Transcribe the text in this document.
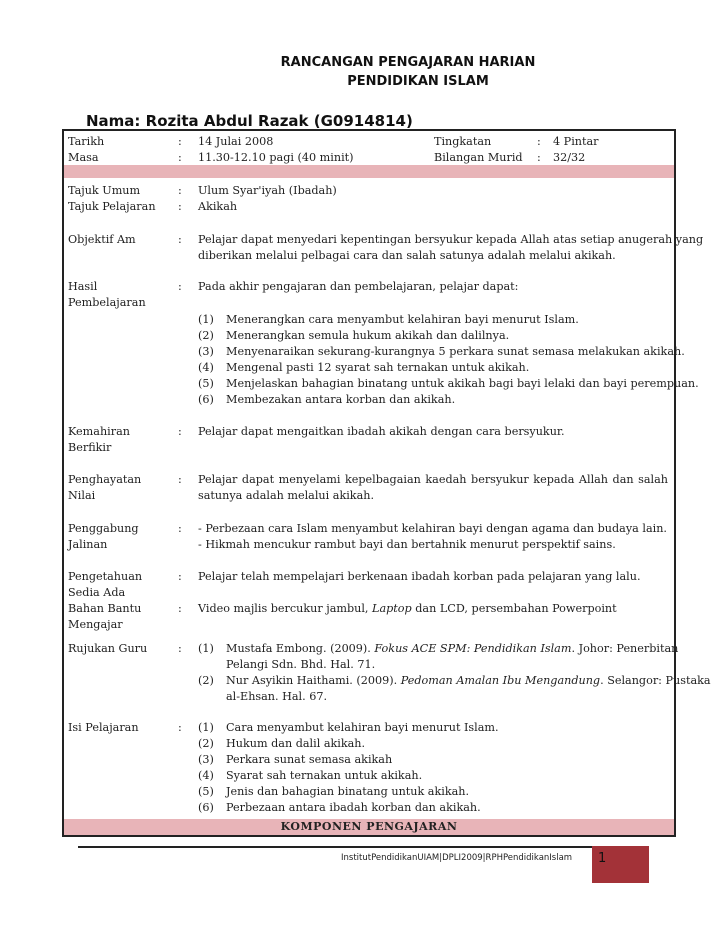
RANCANGAN PENGAJARAN HARIAN
PENDIDIKAN ISLAM
Nama: Rozita Abdul Razak (G0914814)
Tarikh	: 14 Julai 2008	Tingkatan	: 4 Pintar
Masa	: 11.30-12.10 pagi (40 minit)	Bilangan Murid : 32/32
Tajuk Umum	: Ulum Syar'iyah (Ibadah)
Tajuk Pelajaran : Akikah
Objektif Am	: Pelajar dapat menyedari kepentingan bersyukur kepada Allah atas setiap anugerah yang
diberikan melalui pelbagai cara dan salah satunya adalah melalui akikah.
Hasil
Pembelajaran
: Pada akhir pengajaran dan pembelajaran, pelajar dapat:
(1) Menerangkan cara menyambut kelahiran bayi menurut Islam.
(2) Menerangkan semula hukum akikah dan dalilnya.
(3) Menyenaraikan sekurang-kurangnya 5 perkara sunat semasa melakukan akikah.
(4) Mengenal pasti 12 syarat sah ternakan untuk akikah.
(5) Menjelaskan bahagian binatang untuk akikah bagi bayi lelaki dan bayi perempuan.
(6) Membezakan antara korban dan akikah.
Kemahiran
Berfikir
: Pelajar dapat mengaitkan ibadah akikah dengan cara bersyukur.
Penghayatan
Nilai
: Pelajar dapat menyelami kepelbagaian kaedah bersyukur kepada Allah dan salah
satunya adalah melalui akikah.
Penggabung
Jalinan
: - Perbezaan cara Islam menyambut kelahiran bayi dengan agama dan budaya lain.
- Hikmah mencukur rambut bayi dan bertahnik menurut perspektif sains.
Pengetahuan
Sedia Ada
: Pelajar telah mempelajari berkenaan ibadah korban pada pelajaran yang lalu.
Bahan Bantu
Mengajar
: Video majlis bercukur jambul, Laptop dan LCD, persembahan Powerpoint
Rujukan Guru	: (1) Mustafa Embong. (2009). Fokus ACE SPM: Pendidikan Islam. Johor: Penerbitan
Pelangi Sdn. Bhd. Hal. 71.
(2) Nur Asyikin Haithami. (2009). Pedoman Amalan Ibu Mengandung. Selangor: Pustaka
al-Ehsan. Hal. 67.
Isi Pelajaran	: (1) Cara menyambut kelahiran bayi menurut Islam.
(2) Hukum dan dalil akikah.
(3) Perkara sunat semasa akikah
(4) Syarat sah ternakan untuk akikah.
(5) Jenis dan bahagian binatang untuk akikah.
(6) Perbezaan antara ibadah korban dan akikah.
KOMPONEN PENGAJARAN
InstitutPendidikanUIAM|DPLI2009|RPHPendidikanIslam 1
